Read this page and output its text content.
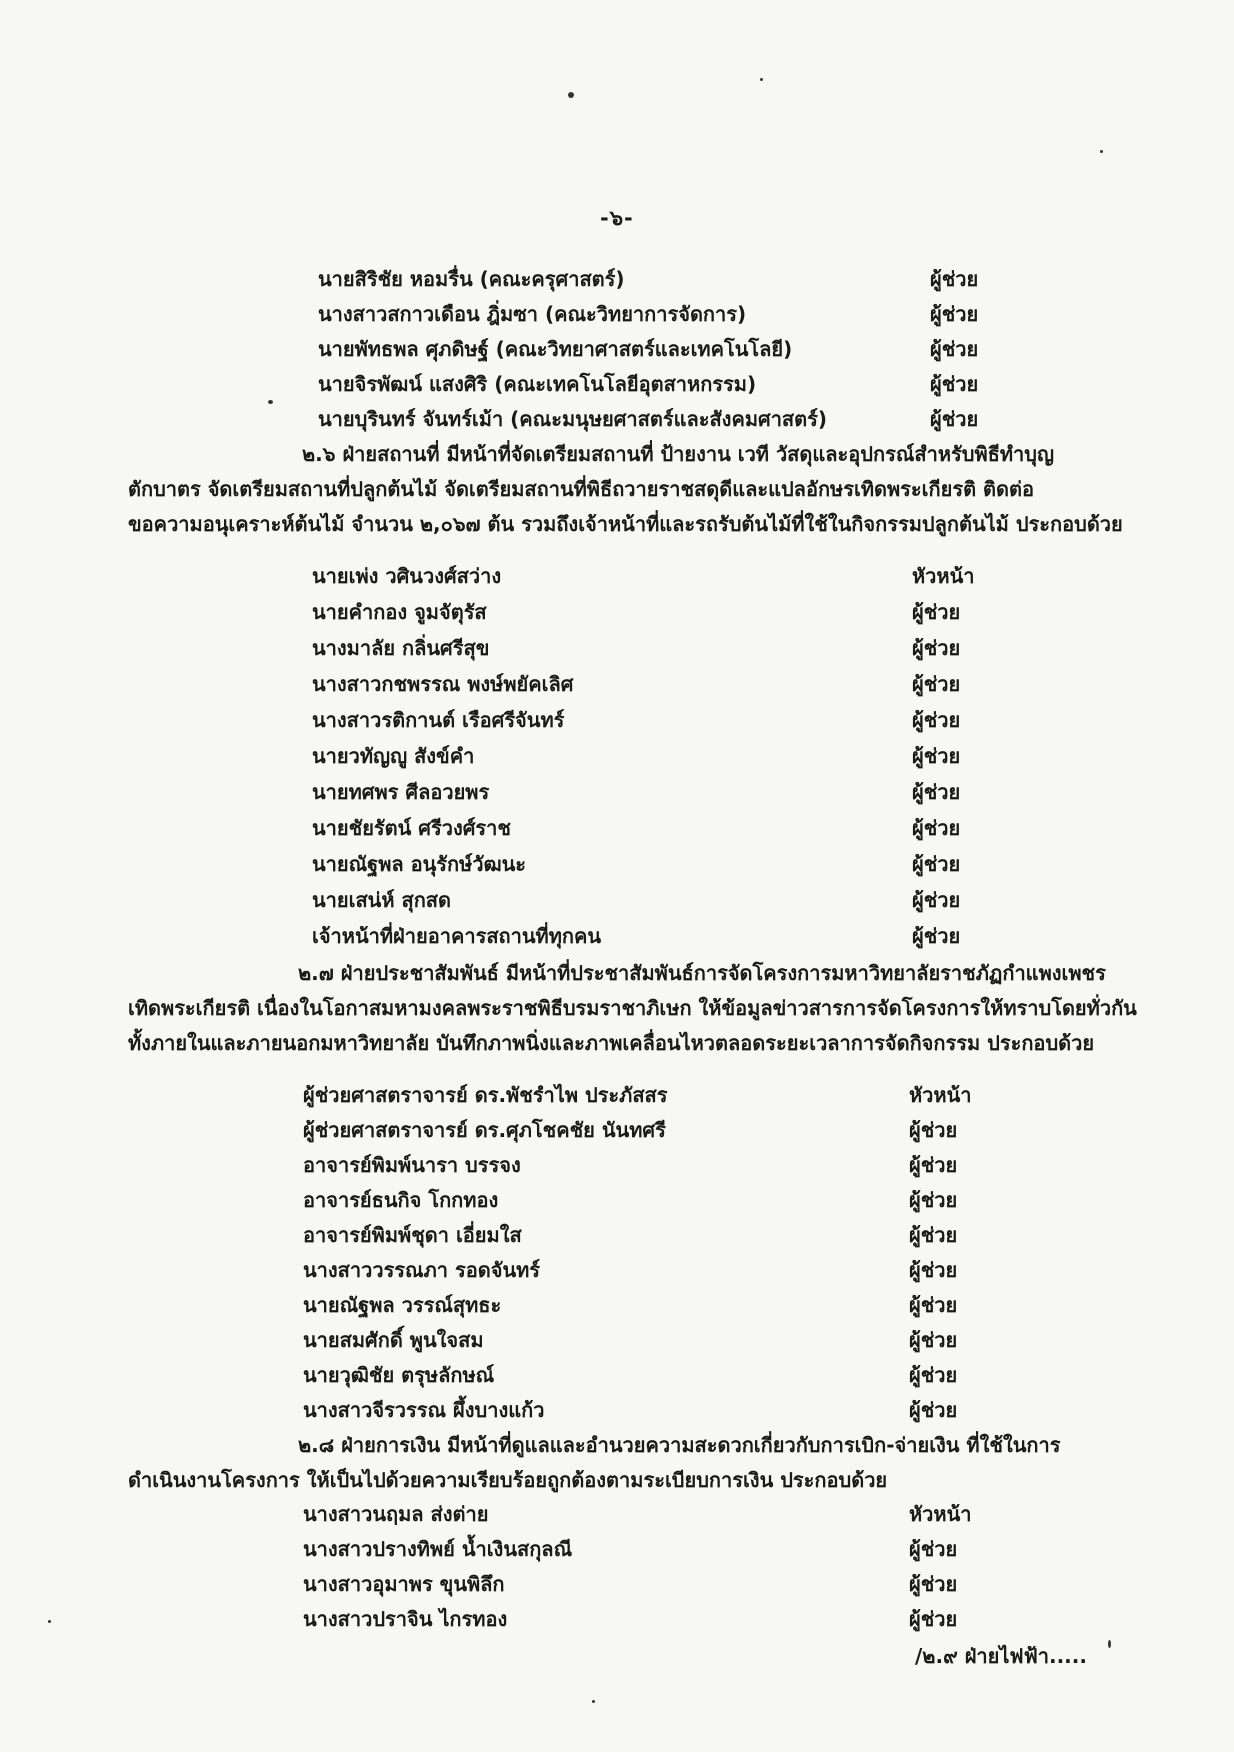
-๖-
นายสิริชัย หอมรื่น (คณะครุศาสตร์)	ผู้ช่วย
นางสาวสกาวเดือน ฎิ่มซา (คณะวิทยาการจัดการ)	ผู้ช่วย
นายพัทธพล ศุภดิษฐ์ (คณะวิทยาศาสตร์และเทคโนโลยี)	ผู้ช่วย
นายจิรพัฒน์ แสงศิริ (คณะเทคโนโลยีอุตสาหกรรม)	ผู้ช่วย
นายบุรินทร์ จันทร์เม้า (คณะมนุษยศาสตร์และสังคมศาสตร์)	ผู้ช่วย

๒.๖ ฝ่ายสถานที่ มีหน้าที่จัดเตรียมสถานที่ ป้ายงาน เวที วัสดุและอุปกรณ์สำหรับพิธีทำบุญ

ตักบาตร จัดเตรียมสถานที่ปลูกต้นไม้ จัดเตรียมสถานที่พิธีถวายราชสดุดีและแปลอักษรเทิดพระเกียรติ ติดต่อ

ขอความอนุเคราะห์ต้นไม้ จำนวน ๒,๐๖๗ ต้น รวมถึงเจ้าหน้าที่และรถรับต้นไม้ที่ใช้ในกิจกรรมปลูกต้นไม้ ประกอบด้วย

นายเพ่ง วศินวงศ์สว่าง	หัวหน้า
นายคำกอง จูมจัตุรัส	ผู้ช่วย
นางมาลัย กลิ่นศรีสุข	ผู้ช่วย
นางสาวกชพรรณ พงษ์พยัคเลิศ	ผู้ช่วย
นางสาวรติกานต์ เรือศรีจันทร์	ผู้ช่วย
นายวทัญญู สังข์คำ	ผู้ช่วย
นายทศพร ศีลอวยพร	ผู้ช่วย
นายชัยรัตน์ ศรีวงศ์ราช	ผู้ช่วย
นายณัฐพล อนุรักษ์วัฒนะ	ผู้ช่วย
นายเสน่ห์ สุกสด	ผู้ช่วย
เจ้าหน้าที่ฝ่ายอาคารสถานที่ทุกคน	ผู้ช่วย

๒.๗ ฝ่ายประชาสัมพันธ์ มีหน้าที่ประชาสัมพันธ์การจัดโครงการมหาวิทยาลัยราชภัฏกำแพงเพชร

เทิดพระเกียรติ เนื่องในโอกาสมหามงคลพระราชพิธีบรมราชาภิเษก ให้ข้อมูลข่าวสารการจัดโครงการให้ทราบโดยทั่วกัน

ทั้งภายในและภายนอกมหาวิทยาลัย บันทึกภาพนิ่งและภาพเคลื่อนไหวตลอดระยะเวลาการจัดกิจกรรม ประกอบด้วย

ผู้ช่วยศาสตราจารย์ ดร.พัชรำไพ ประภัสสร	หัวหน้า
ผู้ช่วยศาสตราจารย์ ดร.ศุภโชคชัย นันทศรี	ผู้ช่วย
อาจารย์พิมพ์นารา บรรจง	ผู้ช่วย
อาจารย์ธนกิจ โกกทอง	ผู้ช่วย
อาจารย์พิมพ์ชุดา เอี่ยมใส	ผู้ช่วย
นางสาววรรณภา รอดจันทร์	ผู้ช่วย
นายณัฐพล วรรณ์สุทธะ	ผู้ช่วย
นายสมศักดิ์ พูนใจสม	ผู้ช่วย
นายวุฒิชัย ตรุษลักษณ์	ผู้ช่วย
นางสาวจีรวรรณ ผึ้งบางแก้ว	ผู้ช่วย

๒.๘ ฝ่ายการเงิน มีหน้าที่ดูแลและอำนวยความสะดวกเกี่ยวกับการเบิก-จ่ายเงิน ที่ใช้ในการ

ดำเนินงานโครงการ ให้เป็นไปด้วยความเรียบร้อยถูกต้องตามระเบียบการเงิน ประกอบด้วย

นางสาวนฤมล ส่งต่าย	หัวหน้า
นางสาวปรางทิพย์ น้ำเงินสกุลณี	ผู้ช่วย
นางสาวอุมาพร ขุนพิลึก	ผู้ช่วย
นางสาวปราจิน ไกรทอง	ผู้ช่วย
/๒.๙ ฝ่ายไฟฟ้า.....
